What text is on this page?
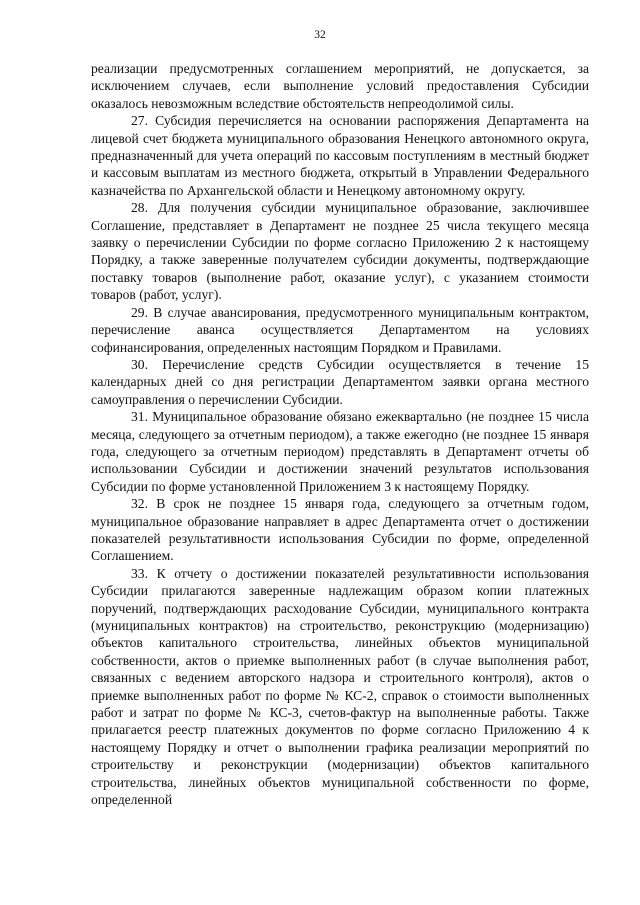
32

реализации предусмотренных соглашением мероприятий, не допускается, за исключением случаев, если выполнение условий предоставления Субсидии оказалось невозможным вследствие обстоятельств непреодолимой силы.

27. Субсидия перечисляется на основании распоряжения Департамента на лицевой счет бюджета муниципального образования Ненецкого автономного округа, предназначенный для учета операций по кассовым поступлениям в местный бюджет и кассовым выплатам из местного бюджета, открытый в Управлении Федерального казначейства по Архангельской области и Ненецкому автономному округу.

28. Для получения субсидии муниципальное образование, заключившее Соглашение, представляет в Департамент не позднее 25 числа текущего месяца заявку о перечислении Субсидии по форме согласно Приложению 2 к настоящему Порядку, а также заверенные получателем субсидии документы, подтверждающие поставку товаров (выполнение работ, оказание услуг), с указанием стоимости товаров (работ, услуг).

29. В случае авансирования, предусмотренного муниципальным контрактом, перечисление аванса осуществляется Департаментом на условиях софинансирования, определенных настоящим Порядком и Правилами.

30. Перечисление средств Субсидии осуществляется в течение 15 календарных дней со дня регистрации Департаментом заявки органа местного самоуправления о перечислении Субсидии.

31. Муниципальное образование обязано ежеквартально (не позднее 15 числа месяца, следующего за отчетным периодом), а также ежегодно (не позднее 15 января года, следующего за отчетным периодом) представлять в Департамент отчеты об использовании Субсидии и достижении значений результатов использования Субсидии по форме установленной Приложением 3 к настоящему Порядку.

32. В срок не позднее 15 января года, следующего за отчетным годом, муниципальное образование направляет в адрес Департамента отчет о достижении показателей результативности использования Субсидии по форме, определенной Соглашением.

33. К отчету о достижении показателей результативности использования Субсидии прилагаются заверенные надлежащим образом копии платежных поручений, подтверждающих расходование Субсидии, муниципального контракта (муниципальных контрактов) на строительство, реконструкцию (модернизацию) объектов капитального строительства, линейных объектов муниципальной собственности, актов о приемке выполненных работ (в случае выполнения работ, связанных с ведением авторского надзора и строительного контроля), актов о приемке выполненных работ по форме № КС-2, справок о стоимости выполненных работ и затрат по форме № КС-3, счетов-фактур на выполненные работы. Также прилагается реестр платежных документов по форме согласно Приложению 4 к настоящему Порядку и отчет о выполнении графика реализации мероприятий по строительству и реконструкции (модернизации) объектов капитального строительства, линейных объектов муниципальной собственности по форме, определенной
